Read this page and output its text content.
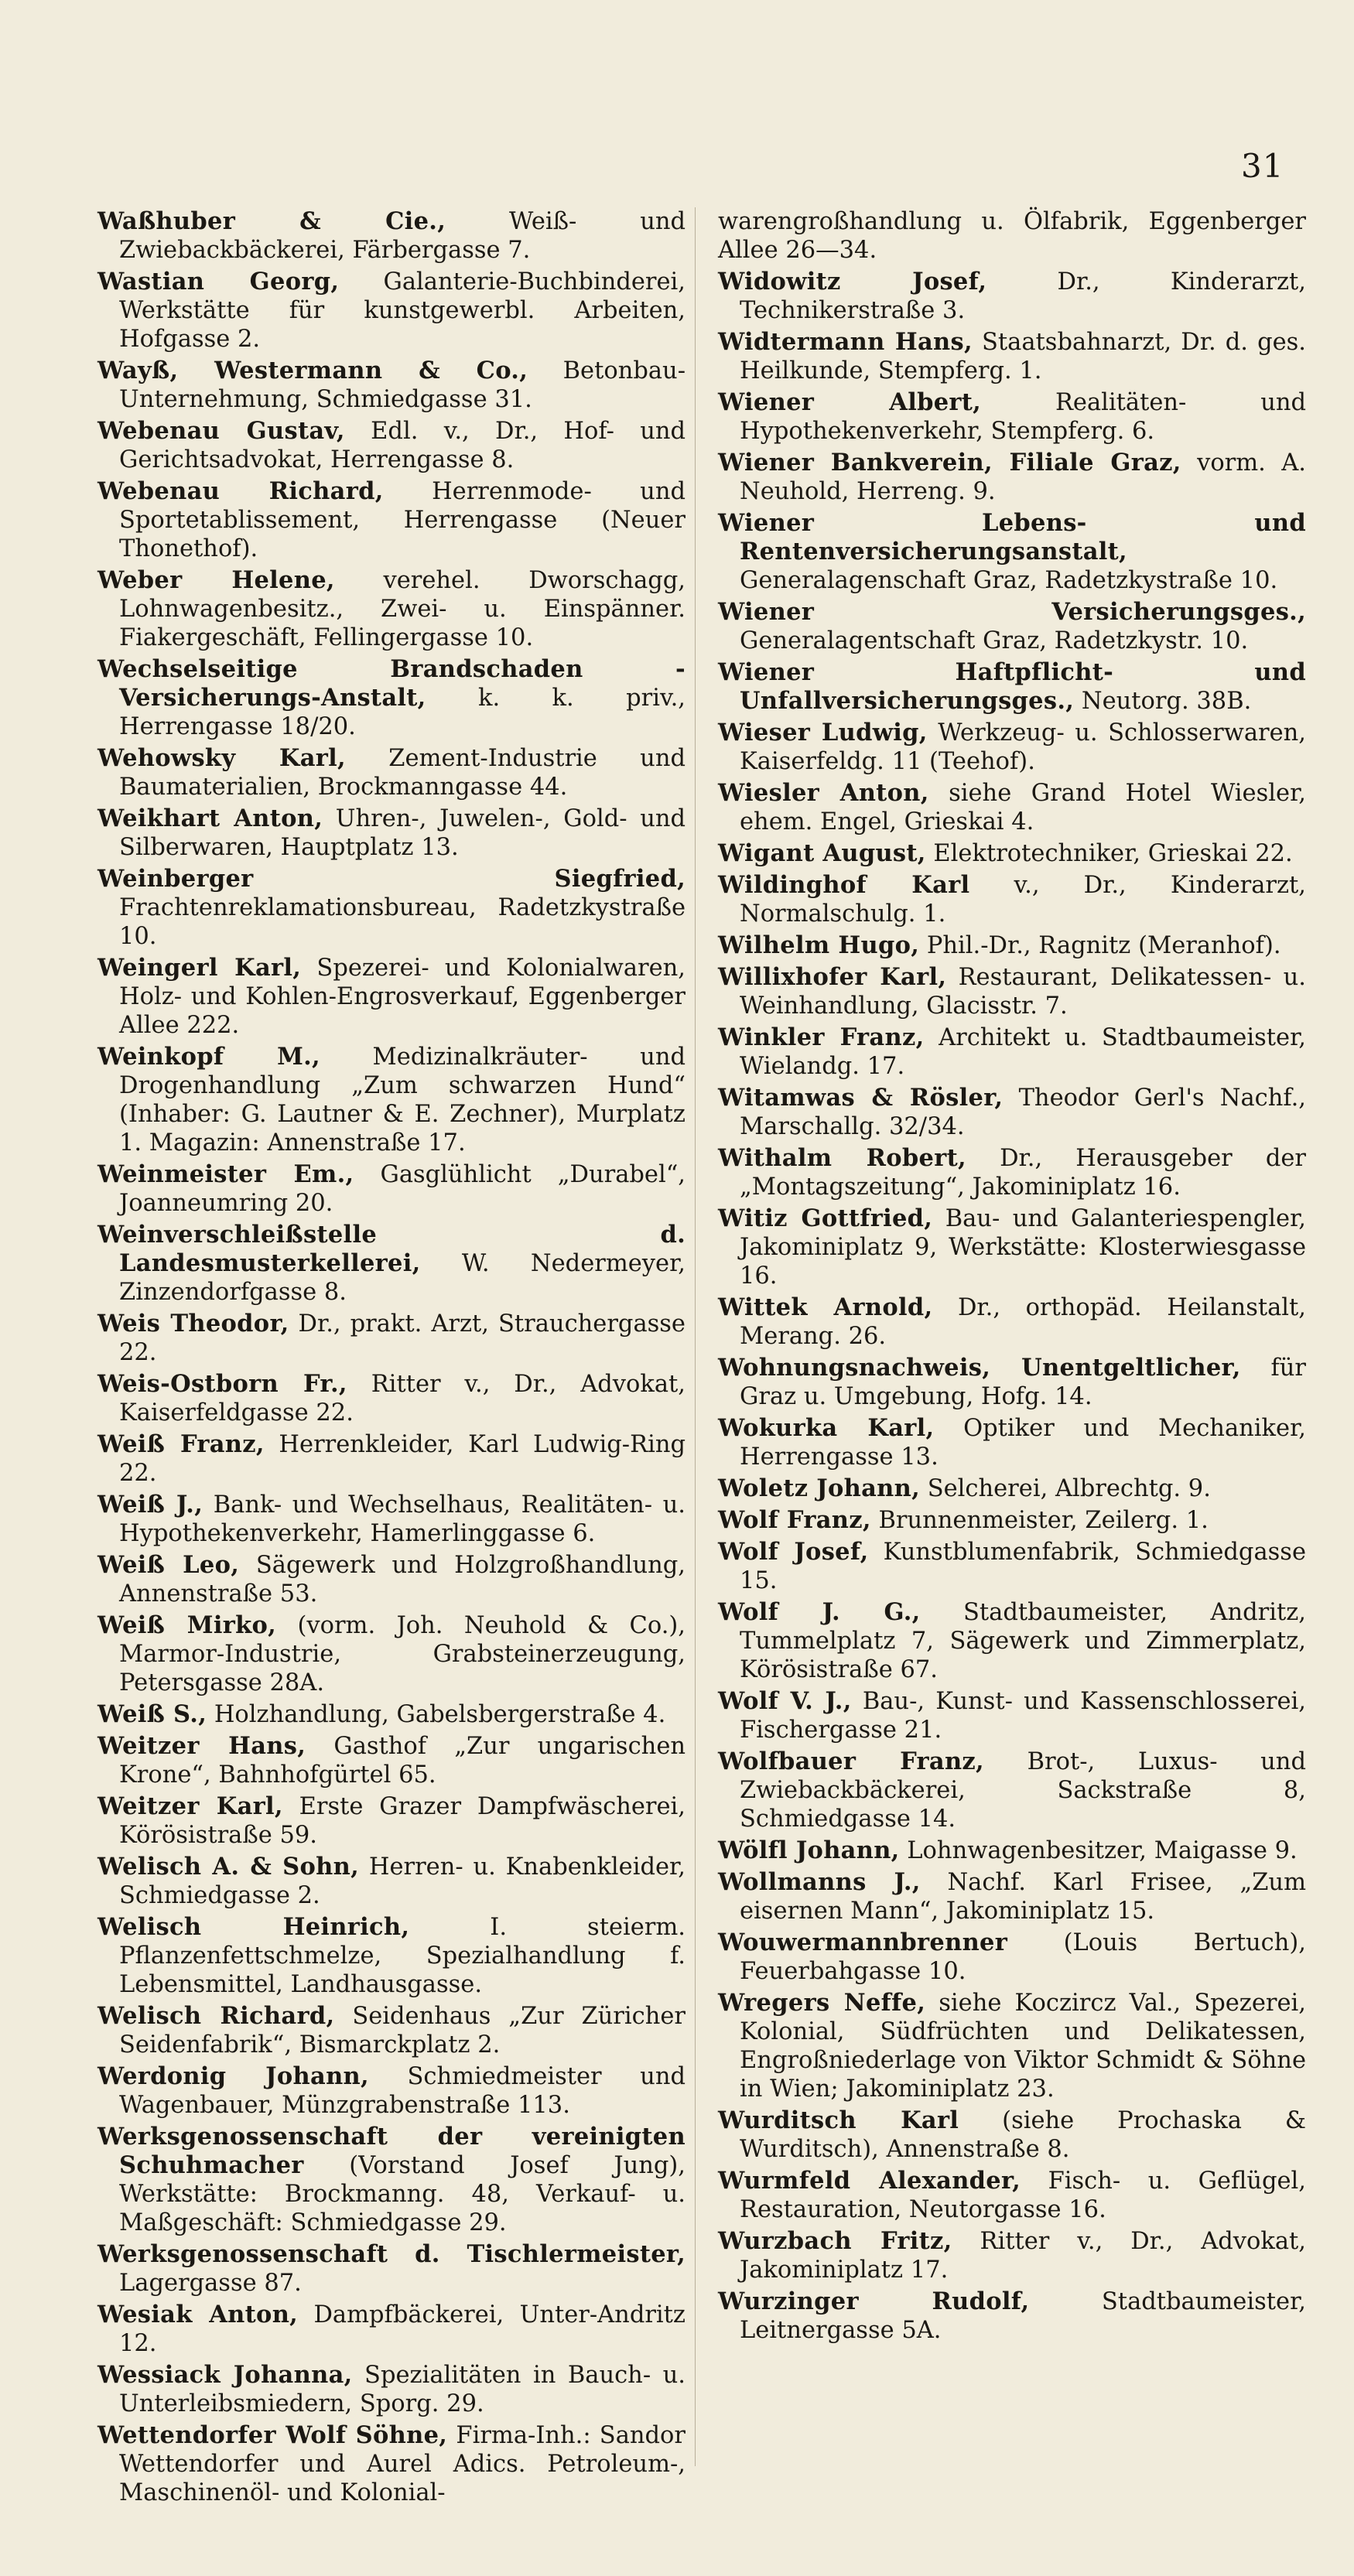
31

Waßhuber & Cie., Weiß- und Zwiebackbäckerei, Färbergasse 7.

Wastian Georg, Galanterie-Buchbinderei, Werkstätte für kunstgewerbl. Arbeiten, Hofgasse 2.

Wayß, Westermann & Co., Betonbau-Unternehmung, Schmiedgasse 31.

Webenau Gustav, Edl. v., Dr., Hof- und Gerichtsadvokat, Herrengasse 8.

Webenau Richard, Herrenmode- und Sportetablissement, Herrengasse (Neuer Thonethof).

Weber Helene, verehel. Dworschagg, Lohnwagenbesitz., Zwei- u. Einspänner. Fiakergeschäft, Fellingergasse 10.

Wechselseitige Brandschaden - Versicherungs-Anstalt, k. k. priv., Herrengasse 18/20.

Wehowsky Karl, Zement-Industrie und Baumaterialien, Brockmanngasse 44.

Weikhart Anton, Uhren-, Juwelen-, Gold- und Silberwaren, Hauptplatz 13.

Weinberger Siegfried, Frachtenreklamationsbureau, Radetzkystraße 10.

Weingerl Karl, Spezerei- und Kolonialwaren, Holz- und Kohlen-Engrosverkauf, Eggenberger Allee 222.

Weinkopf M., Medizinalkräuter- und Drogenhandlung „Zum schwarzen Hund“ (Inhaber: G. Lautner & E. Zechner), Murplatz 1. Magazin: Annenstraße 17.

Weinmeister Em., Gasglühlicht „Durabel“, Joanneumring 20.

Weinverschleißstelle d. Landesmusterkellerei, W. Nedermeyer, Zinzendorfgasse 8.

Weis Theodor, Dr., prakt. Arzt, Strauchergasse 22.

Weis-Ostborn Fr., Ritter v., Dr., Advokat, Kaiserfeldgasse 22.

Weiß Franz, Herrenkleider, Karl Ludwig-Ring 22.

Weiß J., Bank- und Wechselhaus, Realitäten- u. Hypothekenverkehr, Hamerlinggasse 6.

Weiß Leo, Sägewerk und Holzgroßhandlung, Annenstraße 53.

Weiß Mirko, (vorm. Joh. Neuhold & Co.), Marmor-Industrie, Grabsteinerzeugung, Petersgasse 28A.

Weiß S., Holzhandlung, Gabelsbergerstraße 4.

Weitzer Hans, Gasthof „Zur ungarischen Krone“, Bahnhofgürtel 65.

Weitzer Karl, Erste Grazer Dampfwäscherei, Körösistraße 59.

Welisch A. & Sohn, Herren- u. Knabenkleider, Schmiedgasse 2.

Welisch Heinrich, I. steierm. Pflanzenfettschmelze, Spezialhandlung f. Lebensmittel, Landhausgasse.

Welisch Richard, Seidenhaus „Zur Züricher Seidenfabrik“, Bismarckplatz 2.

Werdonig Johann, Schmiedmeister und Wagenbauer, Münzgrabenstraße 113.

Werksgenossenschaft der vereinigten Schuhmacher (Vorstand Josef Jung), Werkstätte: Brockmanng. 48, Verkauf- u. Maßgeschäft: Schmiedgasse 29.

Werksgenossenschaft d. Tischlermeister, Lagergasse 87.

Wesiak Anton, Dampfbäckerei, Unter-Andritz 12.

Wessiack Johanna, Spezialitäten in Bauch- u. Unterleibsmiedern, Sporg. 29.

Wettendorfer Wolf Söhne, Firma-Inh.: Sandor Wettendorfer und Aurel Adics. Petroleum-, Maschinenöl- und Kolonial-

warengroßhandlung u. Ölfabrik, Eggenberger Allee 26—34.

Widowitz Josef, Dr., Kinderarzt, Technikerstraße 3.

Widtermann Hans, Staatsbahnarzt, Dr. d. ges. Heilkunde, Stempferg. 1.

Wiener Albert, Realitäten- und Hypothekenverkehr, Stempferg. 6.

Wiener Bankverein, Filiale Graz, vorm. A. Neuhold, Herreng. 9.

Wiener Lebens- und Rentenversicherungsanstalt, Generalagenschaft Graz, Radetzkystraße 10.

Wiener Versicherungsges., Generalagentschaft Graz, Radetzkystr. 10.

Wiener Haftpflicht- und Unfallversicherungsges., Neutorg. 38B.

Wieser Ludwig, Werkzeug- u. Schlosserwaren, Kaiserfeldg. 11 (Teehof).

Wiesler Anton, siehe Grand Hotel Wiesler, ehem. Engel, Grieskai 4.

Wigant August, Elektrotechniker, Grieskai 22.

Wildinghof Karl v., Dr., Kinderarzt, Normalschulg. 1.

Wilhelm Hugo, Phil.-Dr., Ragnitz (Meranhof).

Willixhofer Karl, Restaurant, Delikatessen- u. Weinhandlung, Glacisstr. 7.

Winkler Franz, Architekt u. Stadtbaumeister, Wielandg. 17.

Witamwas & Rösler, Theodor Gerl's Nachf., Marschallg. 32/34.

Withalm Robert, Dr., Herausgeber der „Montagszeitung“, Jakominiplatz 16.

Witiz Gottfried, Bau- und Galanteriespengler, Jakominiplatz 9, Werkstätte: Klosterwiesgasse 16.

Wittek Arnold, Dr., orthopäd. Heilanstalt, Merang. 26.

Wohnungsnachweis, Unentgeltlicher, für Graz u. Umgebung, Hofg. 14.

Wokurka Karl, Optiker und Mechaniker, Herrengasse 13.

Woletz Johann, Selcherei, Albrechtg. 9.

Wolf Franz, Brunnenmeister, Zeilerg. 1.

Wolf Josef, Kunstblumenfabrik, Schmiedgasse 15.

Wolf J. G., Stadtbaumeister, Andritz, Tummelplatz 7, Sägewerk und Zimmerplatz, Körösistraße 67.

Wolf V. J., Bau-, Kunst- und Kassenschlosserei, Fischergasse 21.

Wolfbauer Franz, Brot-, Luxus- und Zwiebackbäckerei, Sackstraße 8, Schmiedgasse 14.

Wölfl Johann, Lohnwagenbesitzer, Maigasse 9.

Wollmanns J., Nachf. Karl Frisee, „Zum eisernen Mann“, Jakominiplatz 15.

Wouwermannbrenner (Louis Bertuch), Feuerbahgasse 10.

Wregers Neffe, siehe Koczircz Val., Spezerei, Kolonial, Südfrüchten und Delikatessen, Engroßniederlage von Viktor Schmidt & Söhne in Wien; Jakominiplatz 23.

Wurditsch Karl (siehe Prochaska & Wurditsch), Annenstraße 8.

Wurmfeld Alexander, Fisch- u. Geflügel, Restauration, Neutorgasse 16.

Wurzbach Fritz, Ritter v., Dr., Advokat, Jakominiplatz 17.

Wurzinger Rudolf, Stadtbaumeister, Leitnergasse 5A.
